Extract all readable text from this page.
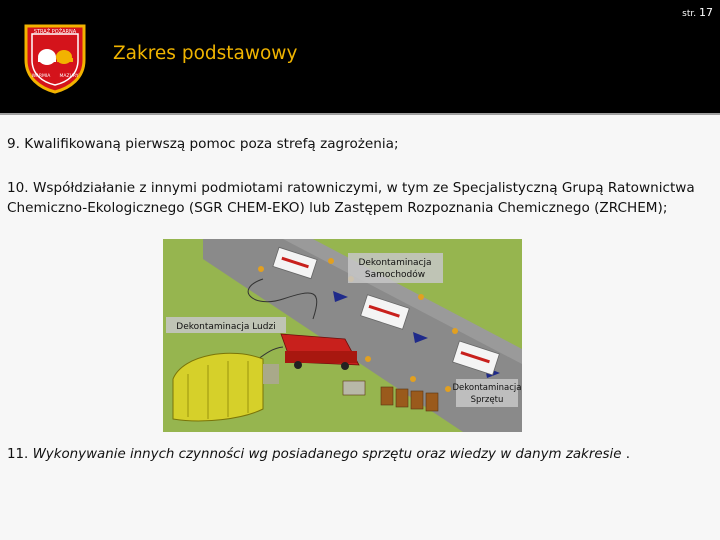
str. 17
STRAŻ POŻARNA
WARMIA MAZURY
Zakres podstawowy
9. Kwalifikowaną pierwszą pomoc poza strefą zagrożenia;
10. Współdziałanie z innymi podmiotami ratowniczymi, w tym ze Specjalistyczną Grupą Ratownictwa Chemiczno-Ekologicznego (SGR CHEM-EKO) lub Zastępem Rozpoznania Chemicznego (ZRCHEM);
Dekontaminacja
Samochodów
Dekontaminacja Ludzi
Dekontaminacja
Sprzętu
11. Wykonywanie innych czynności wg posiadanego sprzętu oraz wiedzy w danym zakresie .
